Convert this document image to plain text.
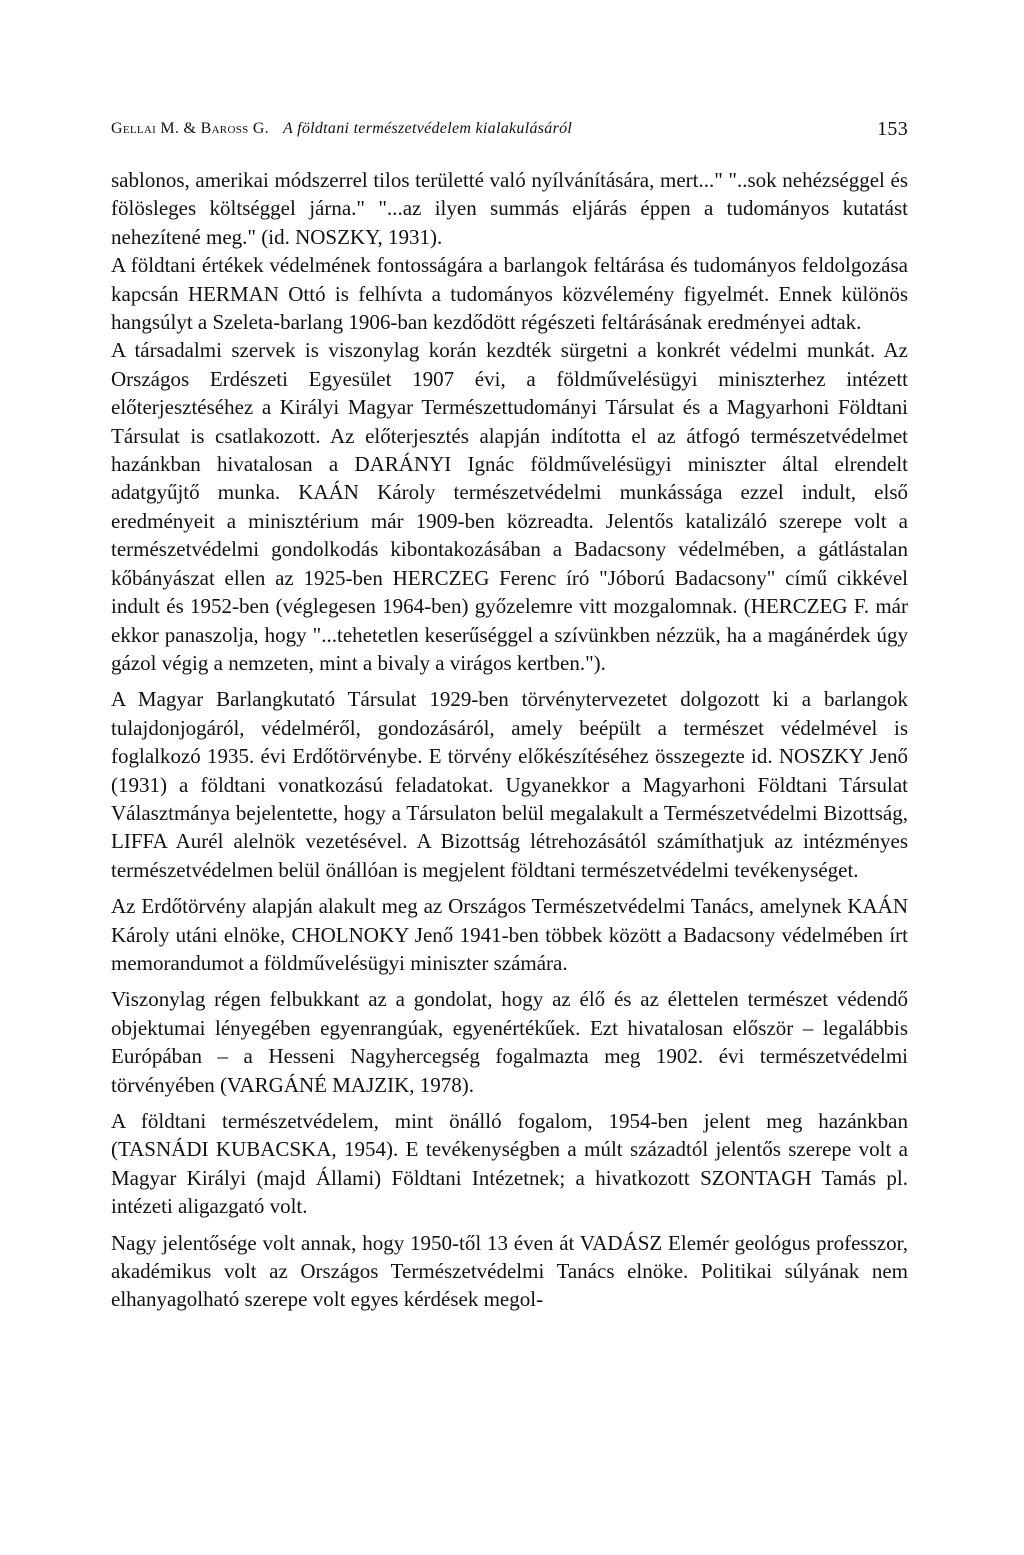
Gellai M. & Baross G. A földtani természetvédelem kialakulásáról	153

sablonos, amerikai módszerrel tilos területté való nyílvánítására, mert..." "..sok nehézséggel és fölösleges költséggel járna." "...az ilyen summás eljárás éppen a tudományos kutatást nehezítené meg." (id. NOSZKY, 1931).

A földtani értékek védelmének fontosságára a barlangok feltárása és tudományos feldolgozása kapcsán HERMAN Ottó is felhívta a tudományos közvélemény figyelmét. Ennek különös hangsúlyt a Szeleta-barlang 1906-ban kezdődött régészeti feltárásának eredményei adtak.

A társadalmi szervek is viszonylag korán kezdték sürgetni a konkrét védelmi munkát. Az Országos Erdészeti Egyesület 1907 évi, a földművelésügyi miniszterhez intézett előterjesztéséhez a Királyi Magyar Természettudományi Társulat és a Magyarhoni Földtani Társulat is csatlakozott. Az előterjesztés alapján indította el az átfogó természetvédelmet hazánkban hivatalosan a DARÁNYI Ignác földművelésügyi miniszter által elrendelt adatgyűjtő munka. KAÁN Károly természetvédelmi munkássága ezzel indult, első eredményeit a minisztérium már 1909-ben közreadta. Jelentős katalizáló szerepe volt a természetvédelmi gondolkodás kibontakozásában a Badacsony védelmében, a gátlástalan kőbányászat ellen az 1925-ben HERCZEG Ferenc író "Jóború Badacsony" című cikkével indult és 1952-ben (véglegesen 1964-ben) győzelemre vitt mozgalomnak. (HERCZEG F. már ekkor panaszolja, hogy "...tehetetlen keserűséggel a szívünkben nézzük, ha a magánérdek úgy gázol végig a nemzeten, mint a bivaly a virágos kertben.").

A Magyar Barlangkutató Társulat 1929-ben törvénytervezetet dolgozott ki a barlangok tulajdonjogáról, védelméről, gondozásáról, amely beépült a természet védelmével is foglalkozó 1935. évi Erdőtörvénybe. E törvény előkészítéséhez összegezte id. NOSZKY Jenő (1931) a földtani vonatkozású feladatokat. Ugyanekkor a Magyarhoni Földtani Társulat Választmánya bejelentette, hogy a Társulaton belül megalakult a Természetvédelmi Bizottság, LIFFA Aurél alelnök vezetésével. A Bizottság létrehozásától számíthatjuk az intézményes természetvédelmen belül önállóan is megjelent földtani természetvédelmi tevékenységet.

Az Erdőtörvény alapján alakult meg az Országos Természetvédelmi Tanács, amelynek KAÁN Károly utáni elnöke, CHOLNOKY Jenő 1941-ben többek között a Badacsony védelmében írt memorandumot a földművelésügyi miniszter számára.

Viszonylag régen felbukkant az a gondolat, hogy az élő és az élettelen természet védendő objektumai lényegében egyenrangúak, egyenértékűek. Ezt hivatalosan először – legalábbis Európában – a Hesseni Nagyhercegség fogalmazta meg 1902. évi természetvédelmi törvényében (VARGÁNÉ MAJZIK, 1978).

A földtani természetvédelem, mint önálló fogalom, 1954-ben jelent meg hazánkban (TASNÁDI KUBACSKA, 1954). E tevékenységben a múlt századtól jelentős szerepe volt a Magyar Királyi (majd Állami) Földtani Intézetnek; a hivatkozott SZONTAGH Tamás pl. intézeti aligazgató volt.

Nagy jelentősége volt annak, hogy 1950-től 13 éven át VADÁSZ Elemér geológus professzor, akadémikus volt az Országos Természetvédelmi Tanács elnöke. Politikai súlyának nem elhanyagolható szerepe volt egyes kérdések megol-
